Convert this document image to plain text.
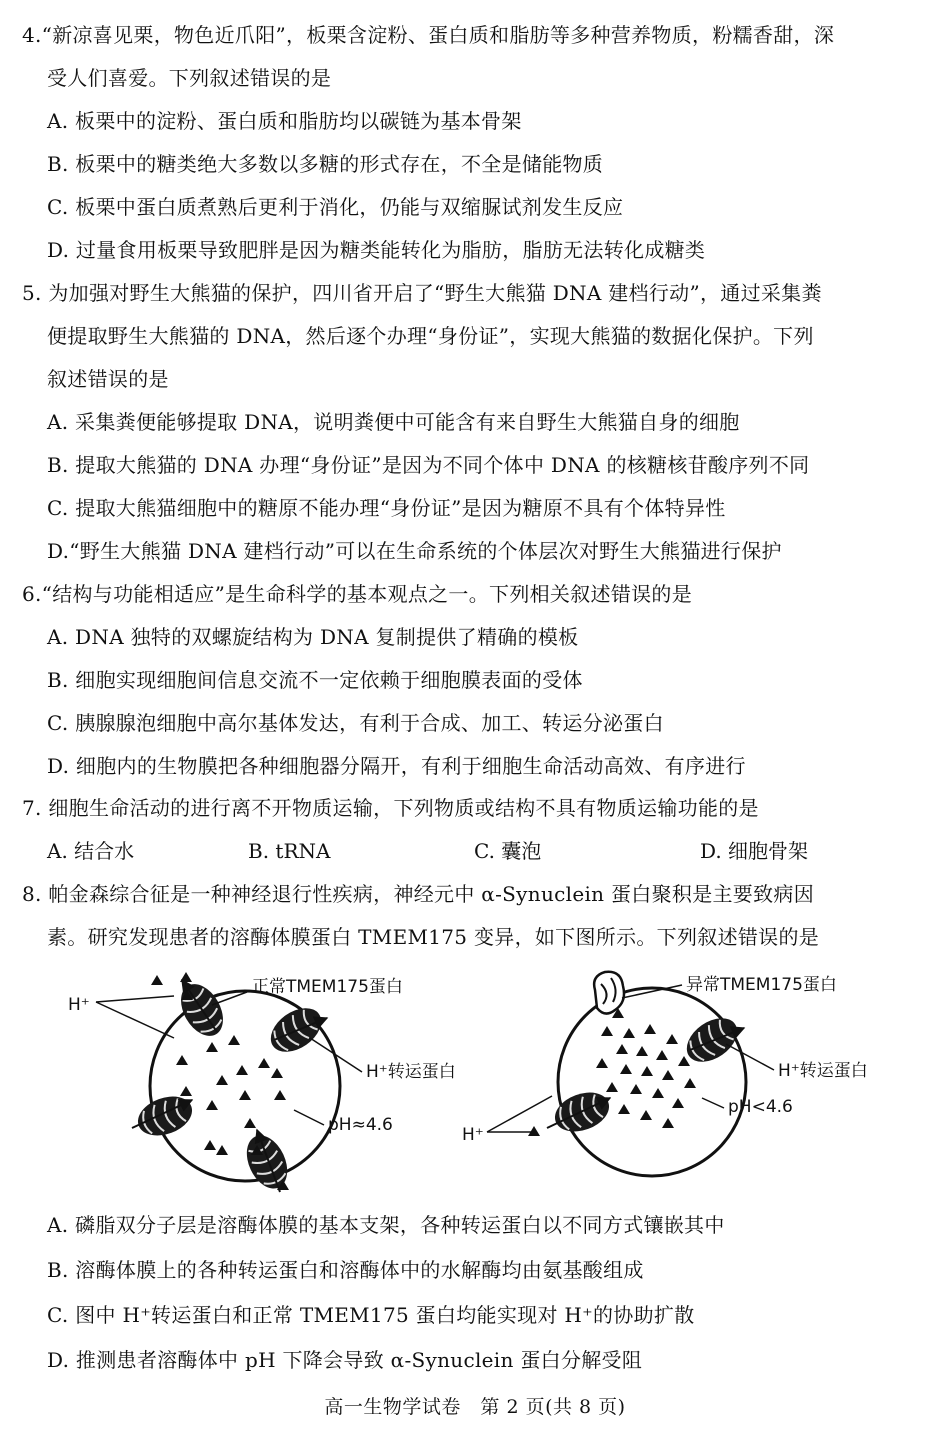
4.“新凉喜见栗，物色近爪阳”，板栗含淀粉、蛋白质和脂肪等多种营养物质，粉糯香甜，深
受人们喜爱。下列叙述错误的是
A. 板栗中的淀粉、蛋白质和脂肪均以碳链为基本骨架
B. 板栗中的糖类绝大多数以多糖的形式存在，不全是储能物质
C. 板栗中蛋白质煮熟后更利于消化，仍能与双缩脲试剂发生反应
D. 过量食用板栗导致肥胖是因为糖类能转化为脂肪，脂肪无法转化成糖类
5. 为加强对野生大熊猫的保护，四川省开启了“野生大熊猫 DNA 建档行动”，通过采集粪
便提取野生大熊猫的 DNA，然后逐个办理“身份证”，实现大熊猫的数据化保护。下列
叙述错误的是
A. 采集粪便能够提取 DNA，说明粪便中可能含有来自野生大熊猫自身的细胞
B. 提取大熊猫的 DNA 办理“身份证”是因为不同个体中 DNA 的核糖核苷酸序列不同
C. 提取大熊猫细胞中的糖原不能办理“身份证”是因为糖原不具有个体特异性
D.“野生大熊猫 DNA 建档行动”可以在生命系统的个体层次对野生大熊猫进行保护
6.“结构与功能相适应”是生命科学的基本观点之一。下列相关叙述错误的是
A. DNA 独特的双螺旋结构为 DNA 复制提供了精确的模板
B. 细胞实现细胞间信息交流不一定依赖于细胞膜表面的受体
C. 胰腺腺泡细胞中高尔基体发达，有利于合成、加工、转运分泌蛋白
D. 细胞内的生物膜把各种细胞器分隔开，有利于细胞生命活动高效、有序进行
7. 细胞生命活动的进行离不开物质运输，下列物质或结构不具有物质运输功能的是
A. 结合水	B. tRNA	C. 囊泡	D. 细胞骨架
8. 帕金森综合征是一种神经退行性疾病，神经元中 α-Synuclein 蛋白聚积是主要致病因
素。研究发现患者的溶酶体膜蛋白 TMEM175 变异，如下图所示。下列叙述错误的是
H⁺
正常TMEM175蛋白
H⁺转运蛋白
pH≈4.6	H⁺
异常TMEM175蛋白
H⁺转运蛋白
pH<4.6
A. 磷脂双分子层是溶酶体膜的基本支架，各种转运蛋白以不同方式镶嵌其中
B. 溶酶体膜上的各种转运蛋白和溶酶体中的水解酶均由氨基酸组成
C. 图中 H⁺转运蛋白和正常 TMEM175 蛋白均能实现对 H⁺的协助扩散
D. 推测患者溶酶体中 pH 下降会导致 α-Synuclein 蛋白分解受阻
高一生物学试卷　第 2 页(共 8 页)
